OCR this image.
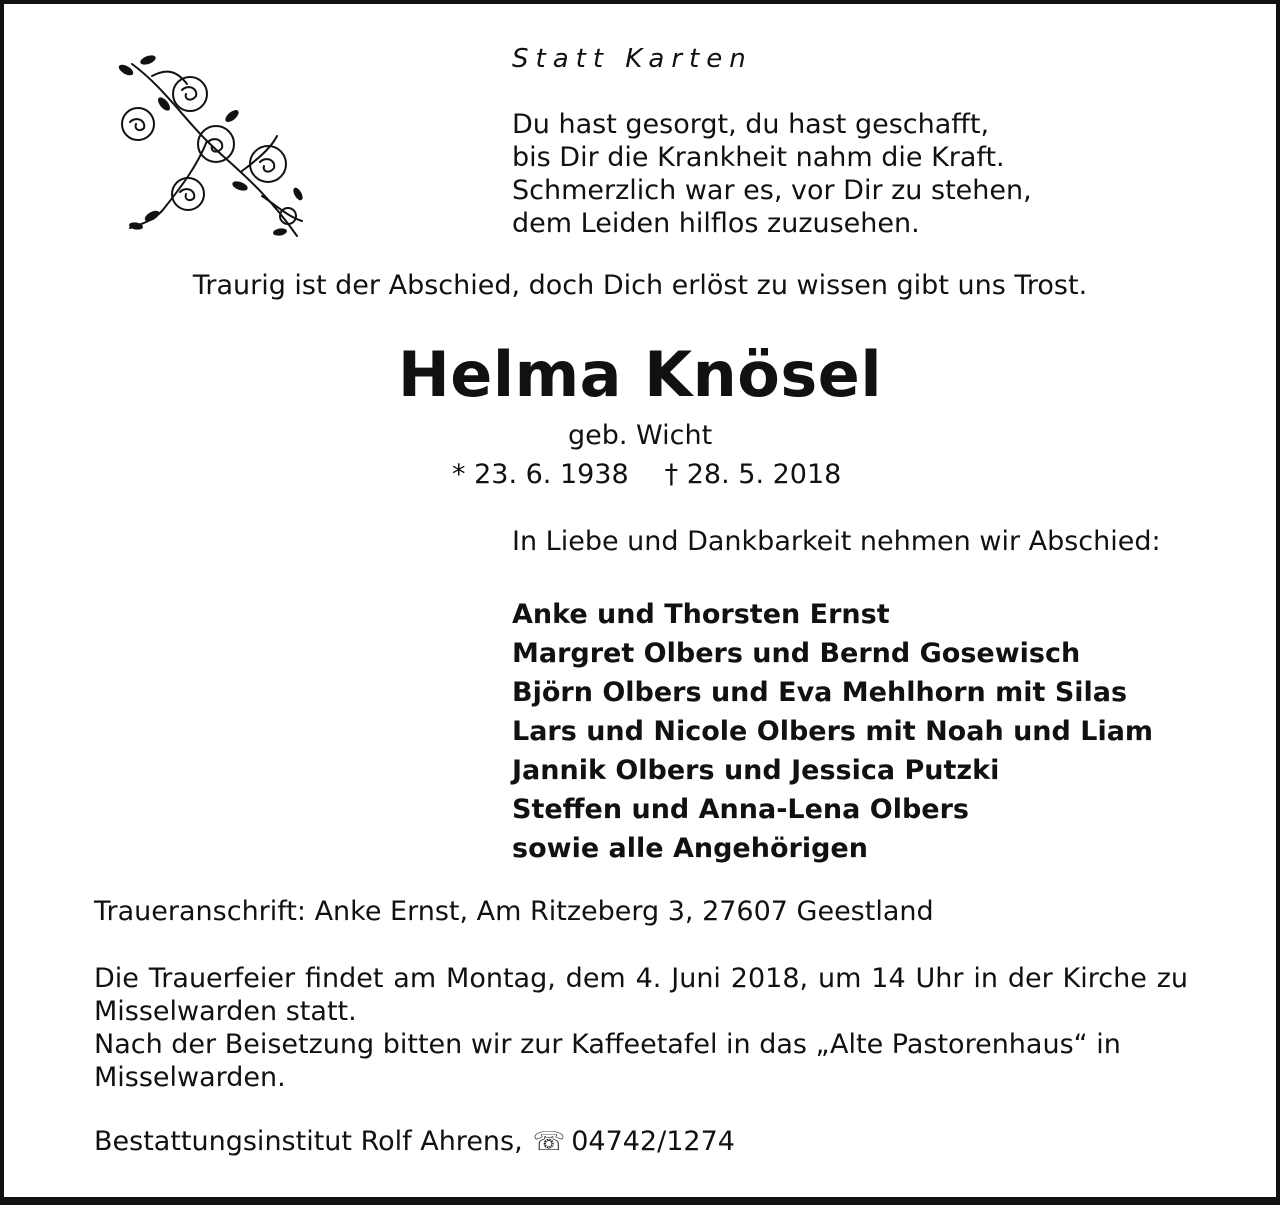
Statt Karten
Du hast gesorgt, du hast geschafft,
bis Dir die Krankheit nahm die Kraft.
Schmerzlich war es, vor Dir zu stehen,
dem Leiden hilflos zuzusehen.
Traurig ist der Abschied, doch Dich erlöst zu wissen gibt uns Trost.
Helma Knösel
geb. Wicht
* 23. 6. 1938 † 28. 5. 2018
In Liebe und Dankbarkeit nehmen wir Abschied:
Anke und Thorsten Ernst
Margret Olbers und Bernd Gosewisch
Björn Olbers und Eva Mehlhorn mit Silas
Lars und Nicole Olbers mit Noah und Liam
Jannik Olbers und Jessica Putzki
Steffen und Anna-Lena Olbers
sowie alle Angehörigen
Traueranschrift: Anke Ernst, Am Ritzeberg 3, 27607 Geestland

Die Trauerfeier findet am Montag, dem 4. Juni 2018, um 14 Uhr in der Kirche zu Misselwarden statt.

Nach der Beisetzung bitten wir zur Kaffeetafel in das „Alte Pastorenhaus“ in Misselwarden.

Bestattungsinstitut Rolf Ahrens, ☏ 04742/1274
